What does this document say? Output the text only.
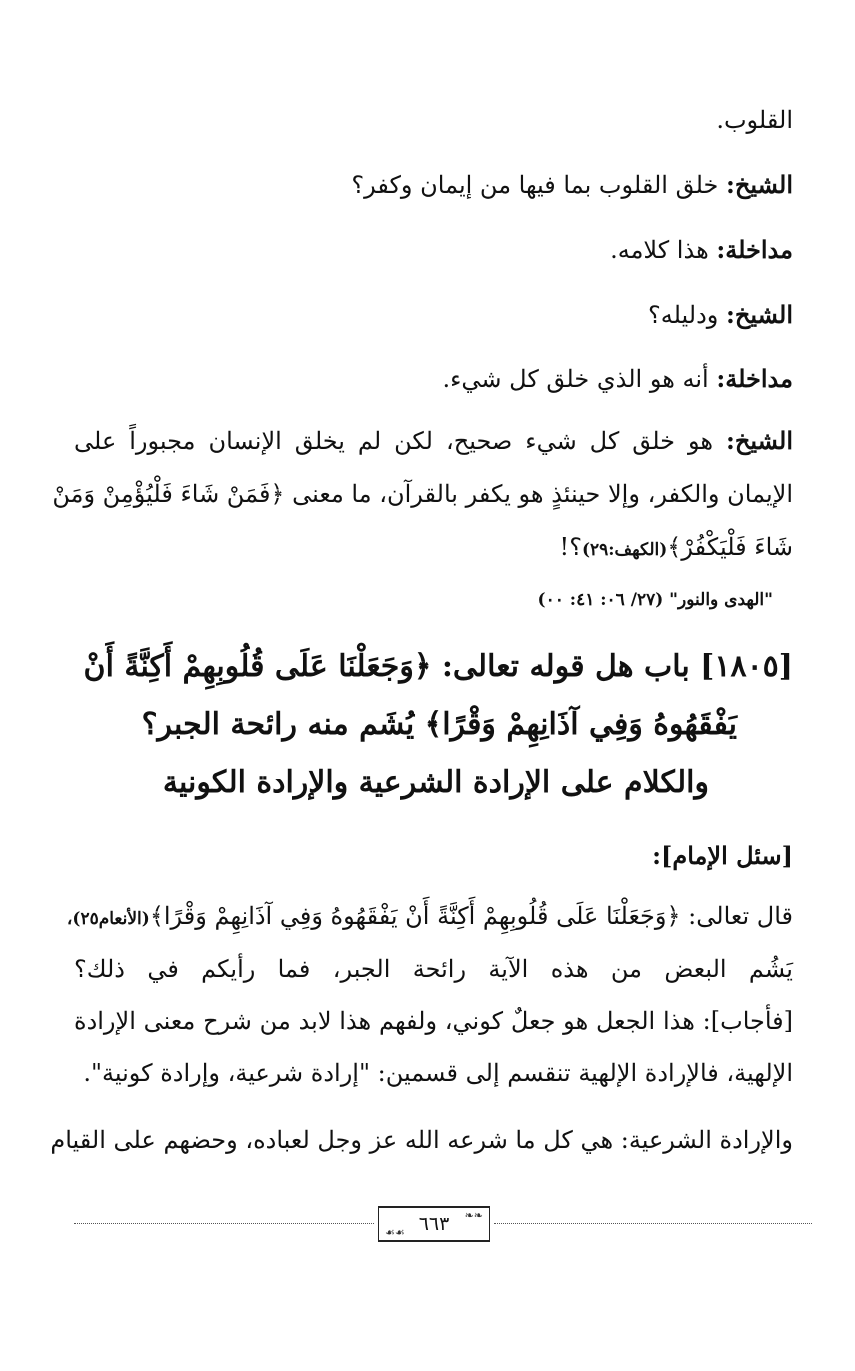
القلوب.
الشيخ: خلق القلوب بما فيها من إيمان وكفر؟
مداخلة: هذا كلامه.
الشيخ: ودليله؟
مداخلة: أنه هو الذي خلق كل شيء.
الشيخ: هو خلق كل شيء صحيح، لكن لم يخلق الإنسان مجبوراً على
الإيمان والكفر، وإلا حينئذٍ هو يكفر بالقرآن، ما معنى ﴿فَمَنْ شَاءَ فَلْيُؤْمِنْ وَمَنْ
شَاءَ فَلْيَكْفُرْ﴾(الكهف:٢٩)؟!
"الهدى والنور" (٢٧/ ٠٦: ٤١: ٠٠)
[١٨٠٥] باب هل قوله تعالى: ﴿وَجَعَلْنَا عَلَى قُلُوبِهِمْ أَكِنَّةً أَنْ
يَفْقَهُوهُ وَفِي آذَانِهِمْ وَقْرًا﴾ يُشَم منه رائحة الجبر؟
والكلام على الإرادة الشرعية والإرادة الكونية
[سئل الإمام]:
قال تعالى: ﴿وَجَعَلْنَا عَلَى قُلُوبِهِمْ أَكِنَّةً أَنْ يَفْقَهُوهُ وَفِي آذَانِهِمْ وَقْرًا﴾(الأنعام٢٥)،
يَشُم البعض من هذه الآية رائحة الجبر، فما رأيكم في ذلك؟
[فأجاب]: هذا الجعل هو جعلٌ كوني، ولفهم هذا لابد من شرح معنى الإرادة
الإلهية، فالإرادة الإلهية تنقسم إلى قسمين: "إرادة شرعية، وإرادة كونية".
والإرادة الشرعية: هي كل ما شرعه الله عز وجل لعباده، وحضهم على القيام
❧❧
٦٦٣
☙☙
